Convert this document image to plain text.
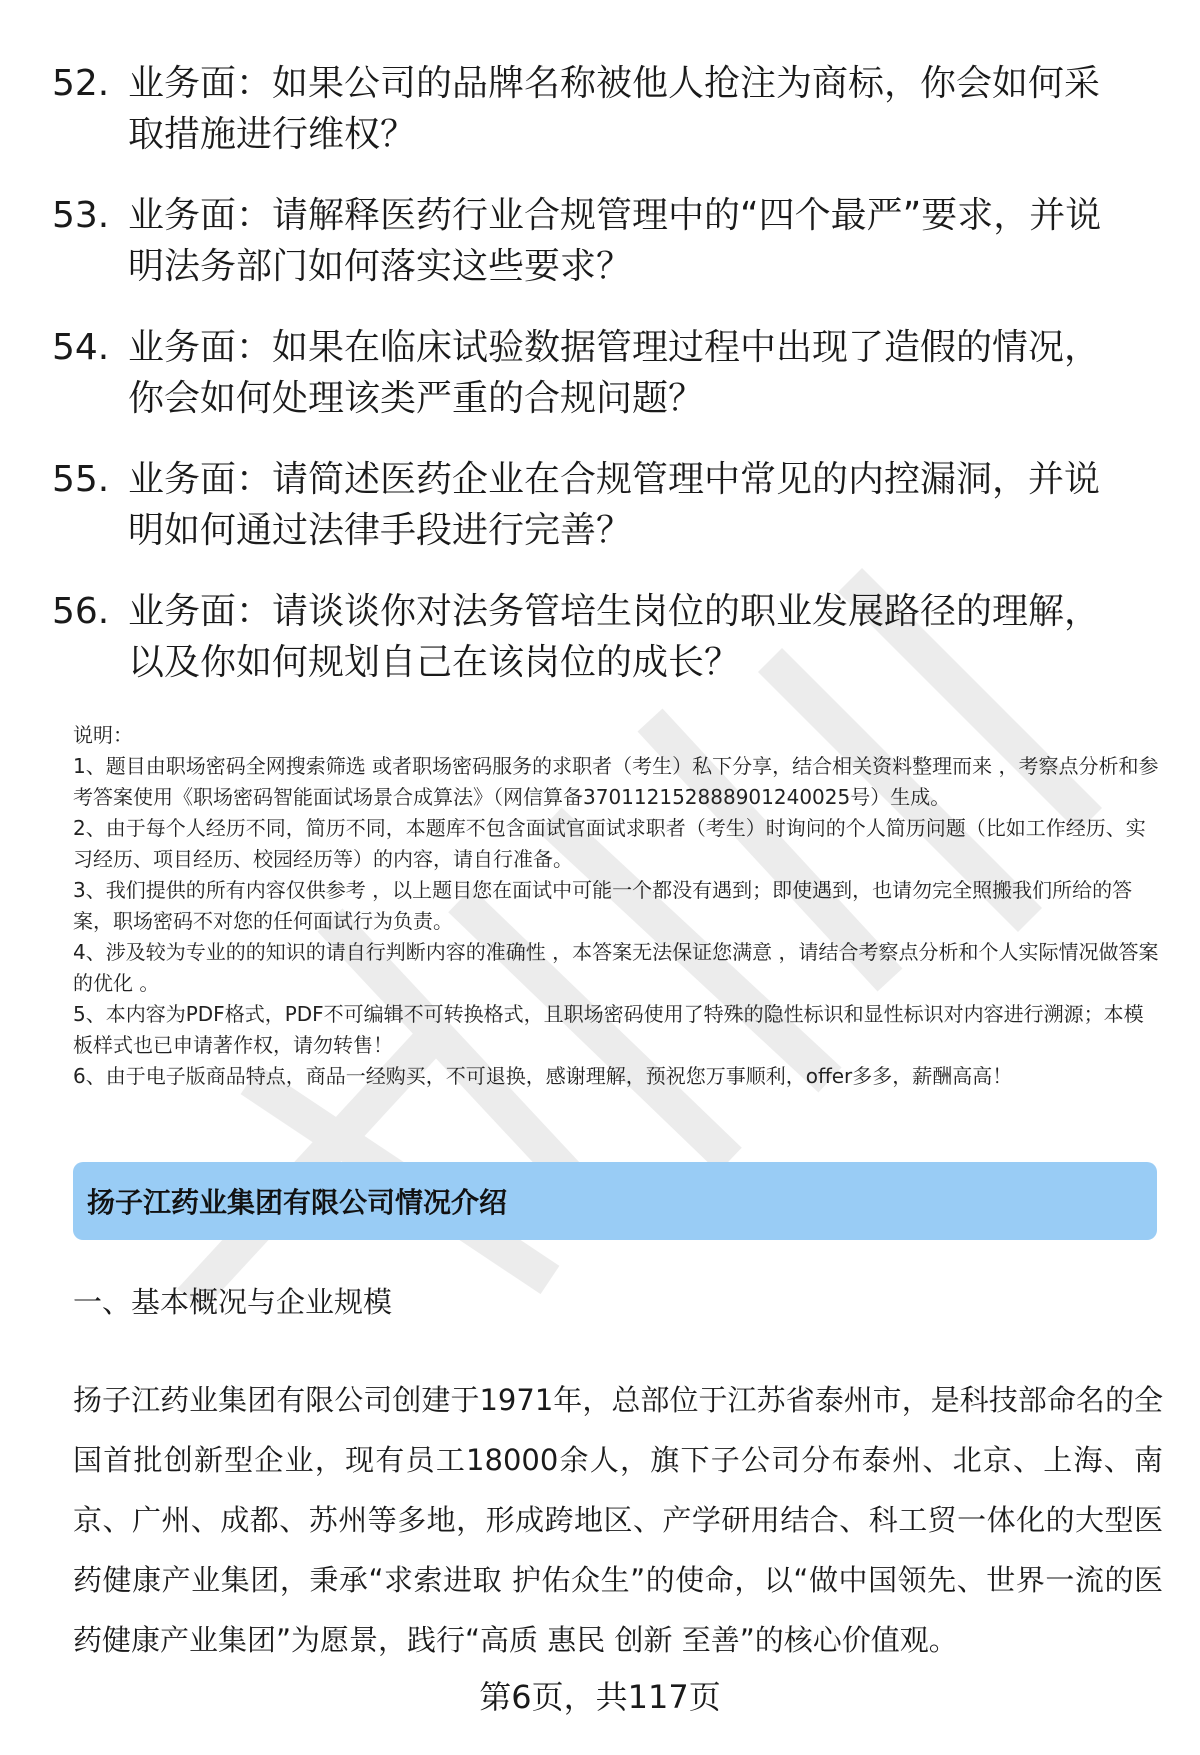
52. 业务面：如果公司的品牌名称被他人抢注为商标，你会如何采取措施进行维权？
53. 业务面：请解释医药行业合规管理中的“四个最严”要求，并说明法务部门如何落实这些要求？
54. 业务面：如果在临床试验数据管理过程中出现了造假的情况，你会如何处理该类严重的合规问题？
55. 业务面：请简述医药企业在合规管理中常见的内控漏洞，并说明如何通过法律手段进行完善？
56. 业务面：请谈谈你对法务管培生岗位的职业发展路径的理解，以及你如何规划自己在该岗位的成长？

说明：

1、题目由职场密码全网搜索筛选 或者职场密码服务的求职者（考生）私下分享，结合相关资料整理而来 ，考察点分析和参考答案使用《职场密码智能面试场景合成算法》（网信算备37011215288890124002​5号）生成。

2、由于每个人经历不同，简历不同，本题库不包含面试官面试求职者（考生）时询问的个人简历问题（比如工作经历、实习经历、项目经历、校园经历等）的内容，请自行准备。

3、我们提供的所有内容仅供参考 ，以上题目您在面试中可能一个都没有遇到；即使遇到，也请勿完全照搬我们所给的答案，职场密码不对您的任何面试行为负责。

4、涉及较为专业的的知识的请自行判断内容的准确性 ，本答案无法保证您满意 ，请结合考察点分析和个人实际情况做答案的优化 。

5、本内容为PDF格式，PDF不可编辑不可转换格式，且职场密码使用了特殊的隐性标识和显性标识对内容进行溯源；本模板样式也已申请著作权，请勿转售！

6、由于电子版商品特点，商品一经购买，不可退换，感谢理解，预祝您万事顺利，offer多多，薪酬高高！

扬子江药业集团有限公司情况介绍
一、基本概况与企业规模
扬子江药业集团有限公司创建于1971年，总部位于江苏省泰州市，是科技部命名的全国首批创新型企业，现有员工18000余人，旗下子公司分布泰州、北京、上海、南京、广州、成都、苏州等多地，形成跨地区、产学研用结合、科工贸一体化的大型医药健康产业集团，秉承“求索进取 护佑众生”的使命，以“做中国领先、世界一流的医药健康产业集团”为愿景，践行“高质 惠民 创新 至善”的核心价值观。
第6页，共117页
